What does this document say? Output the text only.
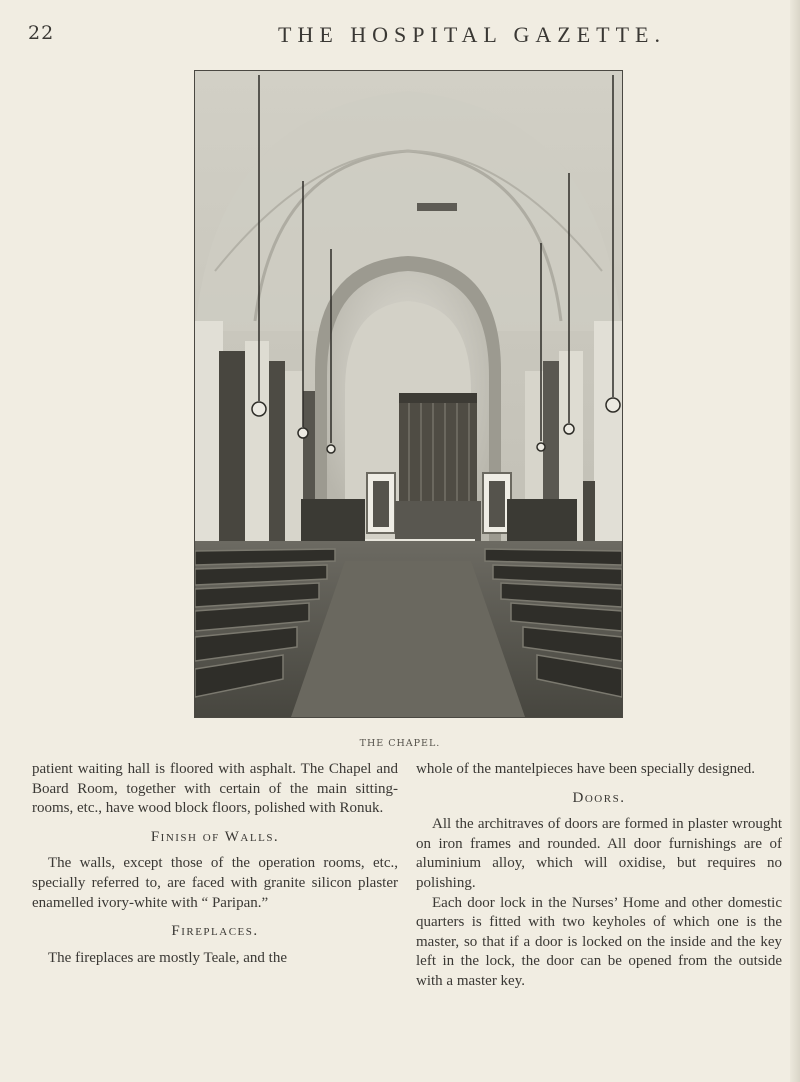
22	THE HOSPITAL GAZETTE.
THE CHAPEL.

patient waiting hall is floored with asphalt. The Chapel and Board Room, together with certain of the main sitting-rooms, etc., have wood block floors, polished with Ronuk.

Finish of Walls.

The walls, except those of the operation rooms, etc., specially referred to, are faced with granite silicon plaster enamelled ivory-white with “ Paripan.”

Fireplaces.

The fireplaces are mostly Teale, and the

whole of the mantelpieces have been specially designed.

Doors.

All the architraves of doors are formed in plaster wrought on iron frames and rounded. All door furnishings are of aluminium alloy, which will oxidise, but requires no polishing.

Each door lock in the Nurses’ Home and other domestic quarters is fitted with two keyholes of which one is the master, so that if a door is locked on the inside and the key left in the lock, the door can be opened from the outside with a master key.
